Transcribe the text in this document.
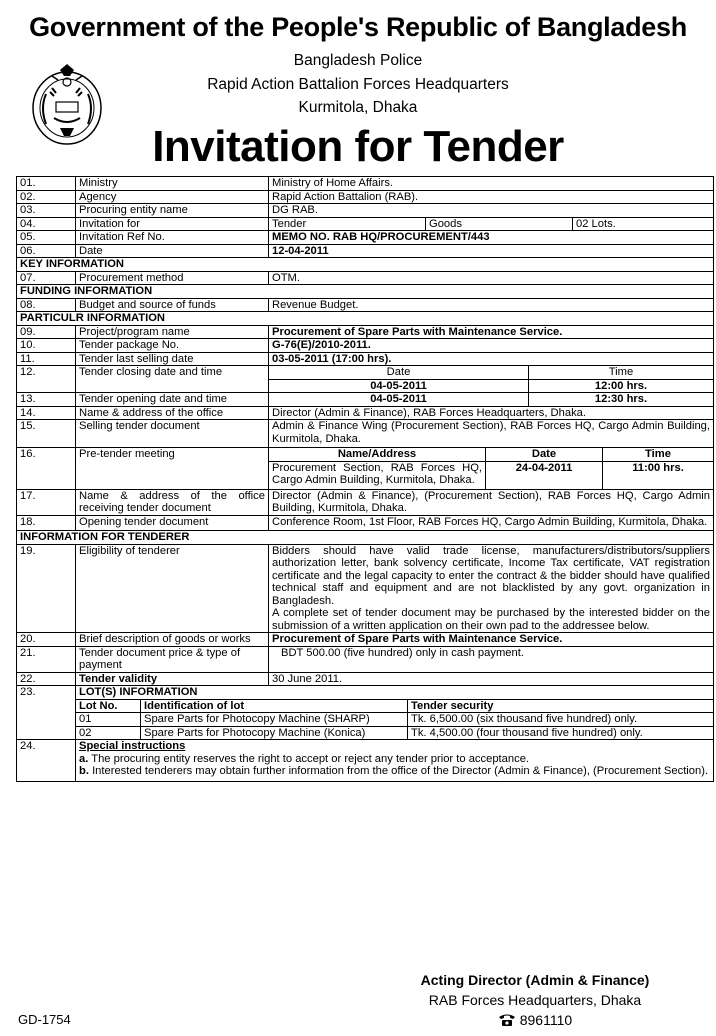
Government of the People's Republic of Bangladesh
Bangladesh Police
Rapid Action Battalion Forces Headquarters
Kurmitola, Dhaka
Invitation for Tender
01.	Ministry	Ministry of Home Affairs.
02.	Agency	Rapid Action Battalion (RAB).
03.	Procuring entity name	DG RAB.
04.	Invitation for		Tender	Goods	02 Lots.

05.	Invitation Ref No.	MEMO NO. RAB HQ/PROCUREMENT/443
06.	Date	12-04-2011
KEY INFORMATION
07.	Procurement method	OTM.
FUNDING INFORMATION
08.	Budget and source of funds	Revenue Budget.
PARTICULR INFORMATION
09.	Project/program name	Procurement of Spare Parts with Maintenance Service.
10.	Tender package No.	G-76(E)/2010-2011.
11.	Tender last selling date	03-05-2011 (17:00 hrs).
12.	Tender closing date and time		Date	Time
04-05-2011	12:00 hrs.

13.	Tender opening date and time		04-05-2011	12:30 hrs.

14.	Name & address of the office	Director (Admin & Finance), RAB Forces Headquarters, Dhaka.
15.	Selling tender document	Admin & Finance Wing (Procurement Section), RAB Forces HQ, Cargo Admin Building, Kurmitola, Dhaka.
16.	Pre-tender meeting		Name/Address	Date	Time
Procurement Section, RAB Forces HQ, Cargo Admin Building, Kurmitola, Dhaka.	24-04-2011	11:00 hrs.

17.	Name & address of the office receiving tender document	Director (Admin & Finance), (Procurement Section), RAB Forces HQ, Cargo Admin Building, Kurmitola, Dhaka.
18.	Opening tender document	Conference Room, 1st Floor, RAB Forces HQ, Cargo Admin Building, Kurmitola, Dhaka.
INFORMATION FOR TENDERER
19.	Eligibility of tenderer	Bidders should have valid trade license, manufacturers/distributors/suppliers authorization letter, bank solvency certificate, Income Tax certificate, VAT registration certificate and the legal capacity to enter the contract & the bidder should have qualified technical staff and equipment and are not blacklisted by any govt. organization in Bangladesh.
A complete set of tender document may be purchased by the interested bidder on the submission of a written application on their own pad to the addressee below.

20.	Brief description of goods or works	Procurement of Spare Parts with Maintenance Service.
21.	Tender document price & type of payment	BDT 500.00 (five hundred) only in cash payment.
22.	Tender validity	30 June 2011.
23.	LOT(S) INFORMATION
Lot No.	Identification of lot	Tender security
01	Spare Parts for Photocopy Machine (SHARP)	Tk. 6,500.00 (six thousand five hundred) only.
02	Spare Parts for Photocopy Machine (Konica)	Tk. 4,500.00 (four thousand five hundred) only.

24.	Special instructions
a. The procuring entity reserves the right to accept or reject any tender prior to acceptance.
b. Interested tenderers may obtain further information from the office of the Director (Admin & Finance), (Procurement Section).
Acting Director (Admin & Finance)
RAB Forces Headquarters, Dhaka
8961110
GD-1754
